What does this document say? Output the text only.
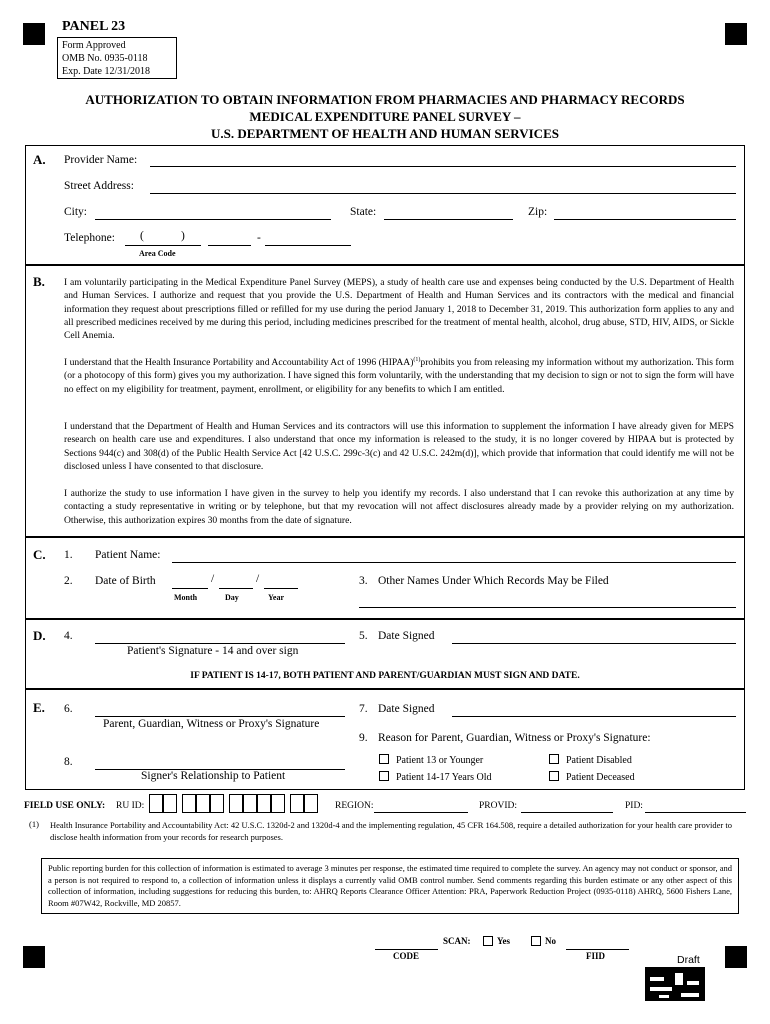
PANEL 23
Form Approved
OMB No. 0935-0118
Exp. Date 12/31/2018
AUTHORIZATION TO OBTAIN INFORMATION FROM PHARMACIES AND PHARMACY RECORDS
MEDICAL EXPENDITURE PANEL SURVEY –
U.S. DEPARTMENT OF HEALTH AND HUMAN SERVICES
A. Provider Name:
Street Address:
City:	State:	Zip:
Telephone: (	)	-
Area Code
B. I am voluntarily participating in the Medical Expenditure Panel Survey (MEPS), a study of health care use and expenses being conducted by the U.S. Department of Health and Human Services. I authorize and request that you provide the U.S. Department of Health and Human Services and its contractors with the medical and financial information they request about prescriptions filled or refilled for my use during the period January 1, 2018 to December 31, 2019. This authorization form applies to any and all prescribed medicines received by me during this period, including medicines prescribed for the treatment of mental health, alcohol, drug abuse, STD, HIV, AIDS, or Sickle Cell Anemia.
I understand that the Health Insurance Portability and Accountability Act of 1996 (HIPAA)$^{(1)}$prohibits you from releasing my information without my authorization. This form (or a photocopy of this form) gives you my authorization. I have signed this form voluntarily, with the understanding that my decision to sign or not to sign the form will have no effect on my eligibility for treatment, payment, enrollment, or eligibility for any benefits to which I am entitled.
I understand that the Department of Health and Human Services and its contractors will use this information to supplement the information I have already given for MEPS research on health care use and expenditures. I also understand that once my information is released to the study, it is no longer covered by HIPAA but is protected by Sections 944(c) and 308(d) of the Public Health Service Act [42 U.S.C. 299c-3(c) and 42 U.S.C. 242m(d)], which provide that information that could identify me will not be disclosed unless I have consented to that disclosure.
I authorize the study to use information I have given in the survey to help you identify my records. I also understand that I can revoke this authorization at any time by contacting a study representative in writing or by telephone, but that my revocation will not affect disclosures already made by a provider relying on my authorization. Otherwise, this authorization expires 30 months from the date of signature.
C. 1. Patient Name:
2. Date of Birth	/	/
Month	Day	Year
3. Other Names Under Which Records May be Filed
D. 4.
Patient's Signature - 14 and over sign
5. Date Signed
IF PATIENT IS 14-17, BOTH PATIENT AND PARENT/GUARDIAN MUST SIGN AND DATE.
E. 6.
Parent, Guardian, Witness or Proxy's Signature
7. Date Signed
9. Reason for Parent, Guardian, Witness or Proxy's Signature:
8.
Signer's Relationship to Patient
Patient 13 or Younger	Patient Disabled
Patient 14-17 Years Old	Patient Deceased
FIELD USE ONLY: RU ID:	REGION:	PROVID:	PID:
(1) Health Insurance Portability and Accountability Act: 42 U.S.C. 1320d-2 and 1320d-4 and the implementing regulation, 45 CFR 164.508, require a detailed authorization for your health care provider to disclose health information from your records for research purposes.
Public reporting burden for this collection of information is estimated to average 3 minutes per response, the estimated time required to complete the survey. An agency may not conduct or sponsor, and a person is not required to respond to, a collection of information unless it displays a currently valid OMB control number. Send comments regarding this burden estimate or any other aspect of this collection of information, including suggestions for reducing this burden, to: AHRQ Reports Clearance Officer Attention: PRA, Paperwork Reduction Project (0935-0118) AHRQ, 5600 Fishers Lane, Room #07W42, Rockville, MD 20857.
SCAN:	Yes	No
CODE	FIID	Draft
